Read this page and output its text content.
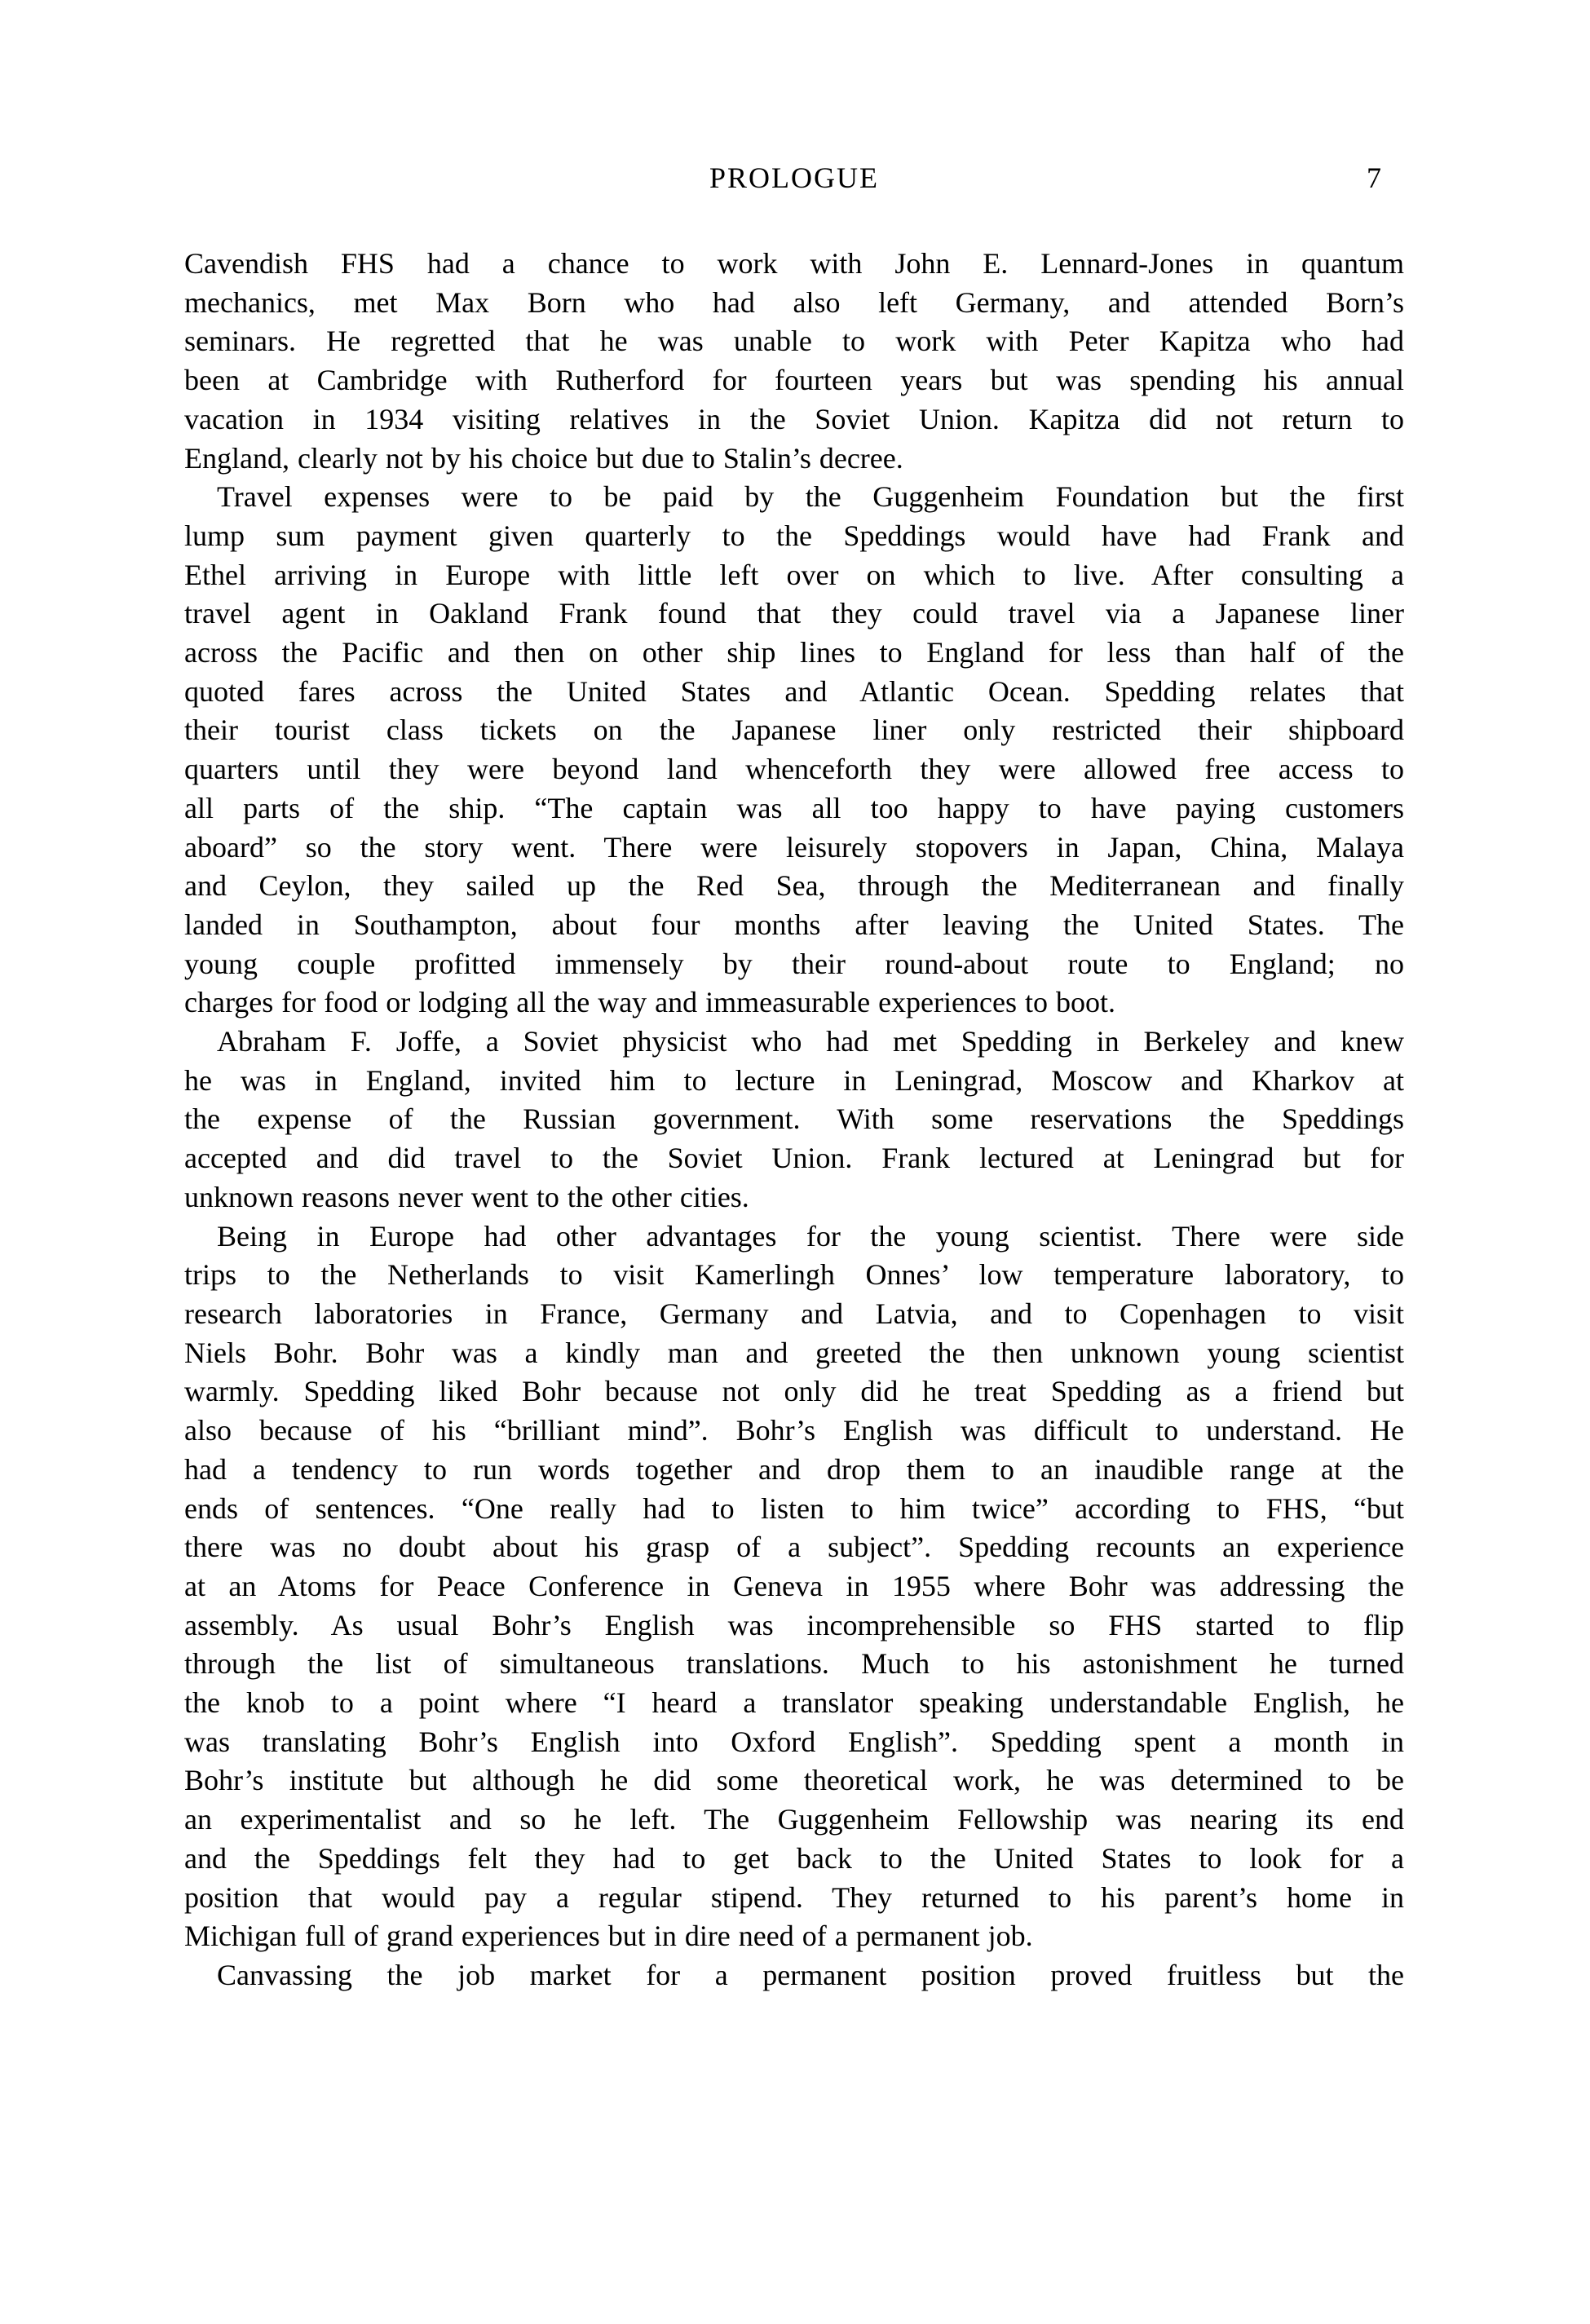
PROLOGUE	7
Cavendish FHS had a chance to work with John E. Lennard-Jones in quantum
mechanics, met Max Born who had also left Germany, and attended Born’s
seminars. He regretted that he was unable to work with Peter Kapitza who had
been at Cambridge with Rutherford for fourteen years but was spending his annual
vacation in 1934 visiting relatives in the Soviet Union. Kapitza did not return to
England, clearly not by his choice but due to Stalin’s decree.
Travel expenses were to be paid by the Guggenheim Foundation but the first
lump sum payment given quarterly to the Speddings would have had Frank and
Ethel arriving in Europe with little left over on which to live. After consulting a
travel agent in Oakland Frank found that they could travel via a Japanese liner
across the Pacific and then on other ship lines to England for less than half of the
quoted fares across the United States and Atlantic Ocean. Spedding relates that
their tourist class tickets on the Japanese liner only restricted their shipboard
quarters until they were beyond land whenceforth they were allowed free access to
all parts of the ship. “The captain was all too happy to have paying customers
aboard” so the story went. There were leisurely stopovers in Japan, China, Malaya
and Ceylon, they sailed up the Red Sea, through the Mediterranean and finally
landed in Southampton, about four months after leaving the United States. The
young couple profitted immensely by their round-about route to England; no
charges for food or lodging all the way and immeasurable experiences to boot.
Abraham F. Joffe, a Soviet physicist who had met Spedding in Berkeley and knew
he was in England, invited him to lecture in Leningrad, Moscow and Kharkov at
the expense of the Russian government. With some reservations the Speddings
accepted and did travel to the Soviet Union. Frank lectured at Leningrad but for
unknown reasons never went to the other cities.
Being in Europe had other advantages for the young scientist. There were side
trips to the Netherlands to visit Kamerlingh Onnes’ low temperature laboratory, to
research laboratories in France, Germany and Latvia, and to Copenhagen to visit
Niels Bohr. Bohr was a kindly man and greeted the then unknown young scientist
warmly. Spedding liked Bohr because not only did he treat Spedding as a friend but
also because of his “brilliant mind”. Bohr’s English was difficult to understand. He
had a tendency to run words together and drop them to an inaudible range at the
ends of sentences. “One really had to listen to him twice” according to FHS, “but
there was no doubt about his grasp of a subject”. Spedding recounts an experience
at an Atoms for Peace Conference in Geneva in 1955 where Bohr was addressing the
assembly. As usual Bohr’s English was incomprehensible so FHS started to flip
through the list of simultaneous translations. Much to his astonishment he turned
the knob to a point where “I heard a translator speaking understandable English, he
was translating Bohr’s English into Oxford English”. Spedding spent a month in
Bohr’s institute but although he did some theoretical work, he was determined to be
an experimentalist and so he left. The Guggenheim Fellowship was nearing its end
and the Speddings felt they had to get back to the United States to look for a
position that would pay a regular stipend. They returned to his parent’s home in
Michigan full of grand experiences but in dire need of a permanent job.
Canvassing the job market for a permanent position proved fruitless but the
